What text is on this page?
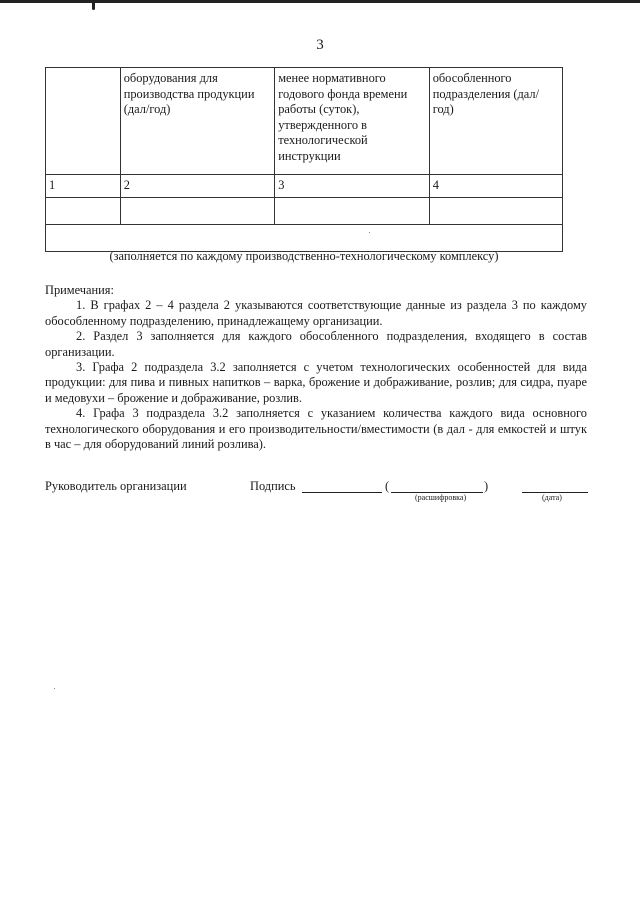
3
	оборудования для производства продукции (дал/год)	менее нормативного годового фонда времени работы (суток), утвержденного в технологической инструкции	обособленного подразделения (дал/год)
1	2	3	4

(заполняется по каждому производственно-технологическому комплексу)

Примечания:

1. В графах 2 – 4 раздела 2 указываются соответствующие данные из раздела 3 по каждому обособленному подразделению, принадлежащему организации.

2. Раздел 3 заполняется для каждого обособленного подразделения, входящего в состав организации.

3. Графа 2 подраздела 3.2 заполняется с учетом технологических особенностей для вида продукции: для пива и пивных напитков – варка, брожение и дображивание, розлив; для сидра, пуаре и медовухи – брожение и дображивание, розлив.

4. Графа 3 подраздела 3.2 заполняется с указанием количества каждого вида основного технологического оборудования и его производительности/вместимости (в дал - для емкостей и штук в час – для оборудований линий розлива).

Руководитель организации	Подпись	(	)
(расшифровка)	(дата)
